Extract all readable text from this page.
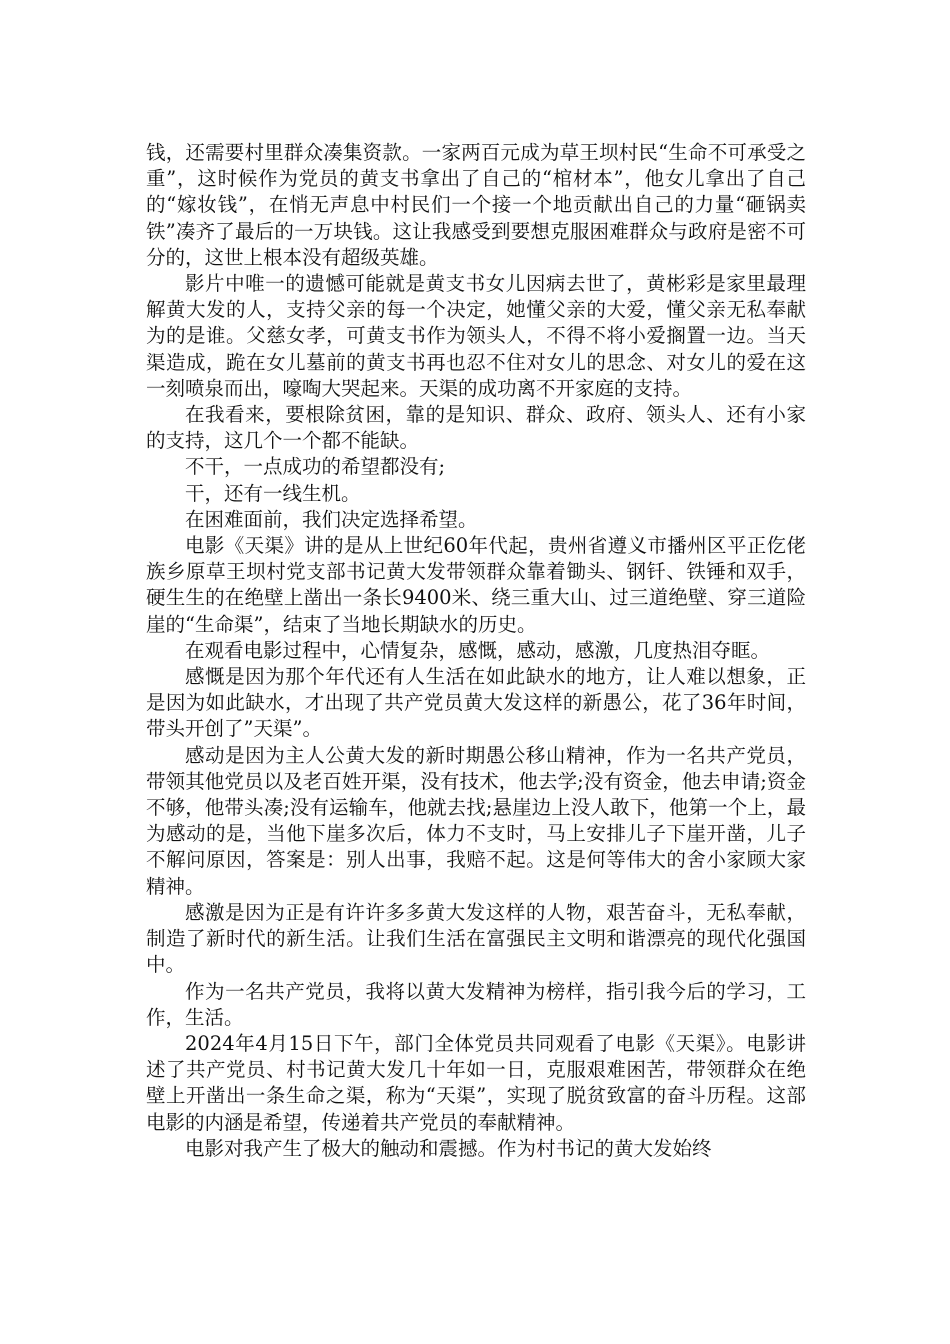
钱，还需要村里群众凑集资款。一家两百元成为草王坝村民“生命不可承受之重”，这时候作为党员的黄支书拿出了自己的“棺材本”，他女儿拿出了自己的“嫁妆钱”，在悄无声息中村民们一个接一个地贡献出自己的力量“砸锅卖铁”凑齐了最后的一万块钱。这让我感受到要想克服困难群众与政府是密不可分的，这世上根本没有超级英雄。

影片中唯一的遗憾可能就是黄支书女儿因病去世了，黄彬彩是家里最理解黄大发的人，支持父亲的每一个决定，她懂父亲的大爱，懂父亲无私奉献为的是谁。父慈女孝，可黄支书作为领头人，不得不将小爱搁置一边。当天渠造成，跪在女儿墓前的黄支书再也忍不住对女儿的思念、对女儿的爱在这一刻喷泉而出，嚎啕大哭起来。天渠的成功离不开家庭的支持。

在我看来，要根除贫困，靠的是知识、群众、政府、领头人、还有小家的支持，这几个一个都不能缺。

不干，一点成功的希望都没有;

干，还有一线生机。

在困难面前，我们决定选择希望。

电影《天渠》讲的是从上世纪60年代起，贵州省遵义市播州区平正仡佬族乡原草王坝村党支部书记黄大发带领群众靠着锄头、钢钎、铁锤和双手，硬生生的在绝壁上凿出一条长9400米、绕三重大山、过三道绝壁、穿三道险崖的“生命渠”，结束了当地长期缺水的历史。

在观看电影过程中，心情复杂，感慨，感动，感激，几度热泪夺眶。

感慨是因为那个年代还有人生活在如此缺水的地方，让人难以想象，正是因为如此缺水，才出现了共产党员黄大发这样的新愚公，花了36年时间，带头开创了”天渠”。

感动是因为主人公黄大发的新时期愚公移山精神，作为一名共产党员，带领其他党员以及老百姓开渠，没有技术，他去学;没有资金，他去申请;资金不够，他带头凑;没有运输车，他就去找;悬崖边上没人敢下，他第一个上，最为感动的是，当他下崖多次后，体力不支时，马上安排儿子下崖开凿，儿子不解问原因，答案是：别人出事，我赔不起。这是何等伟大的舍小家顾大家精神。

感激是因为正是有许许多多黄大发这样的人物，艰苦奋斗，无私奉献，制造了新时代的新生活。让我们生活在富强民主文明和谐漂亮的现代化强国中。

作为一名共产党员，我将以黄大发精神为榜样，指引我今后的学习，工作，生活。

2024年4月15日下午，部门全体党员共同观看了电影《天渠》。电影讲述了共产党员、村书记黄大发几十年如一日，克服艰难困苦，带领群众在绝壁上开凿出一条生命之渠，称为“天渠”，实现了脱贫致富的奋斗历程。这部电影的内涵是希望，传递着共产党员的奉献精神。

电影对我产生了极大的触动和震撼。作为村书记的黄大发始终
